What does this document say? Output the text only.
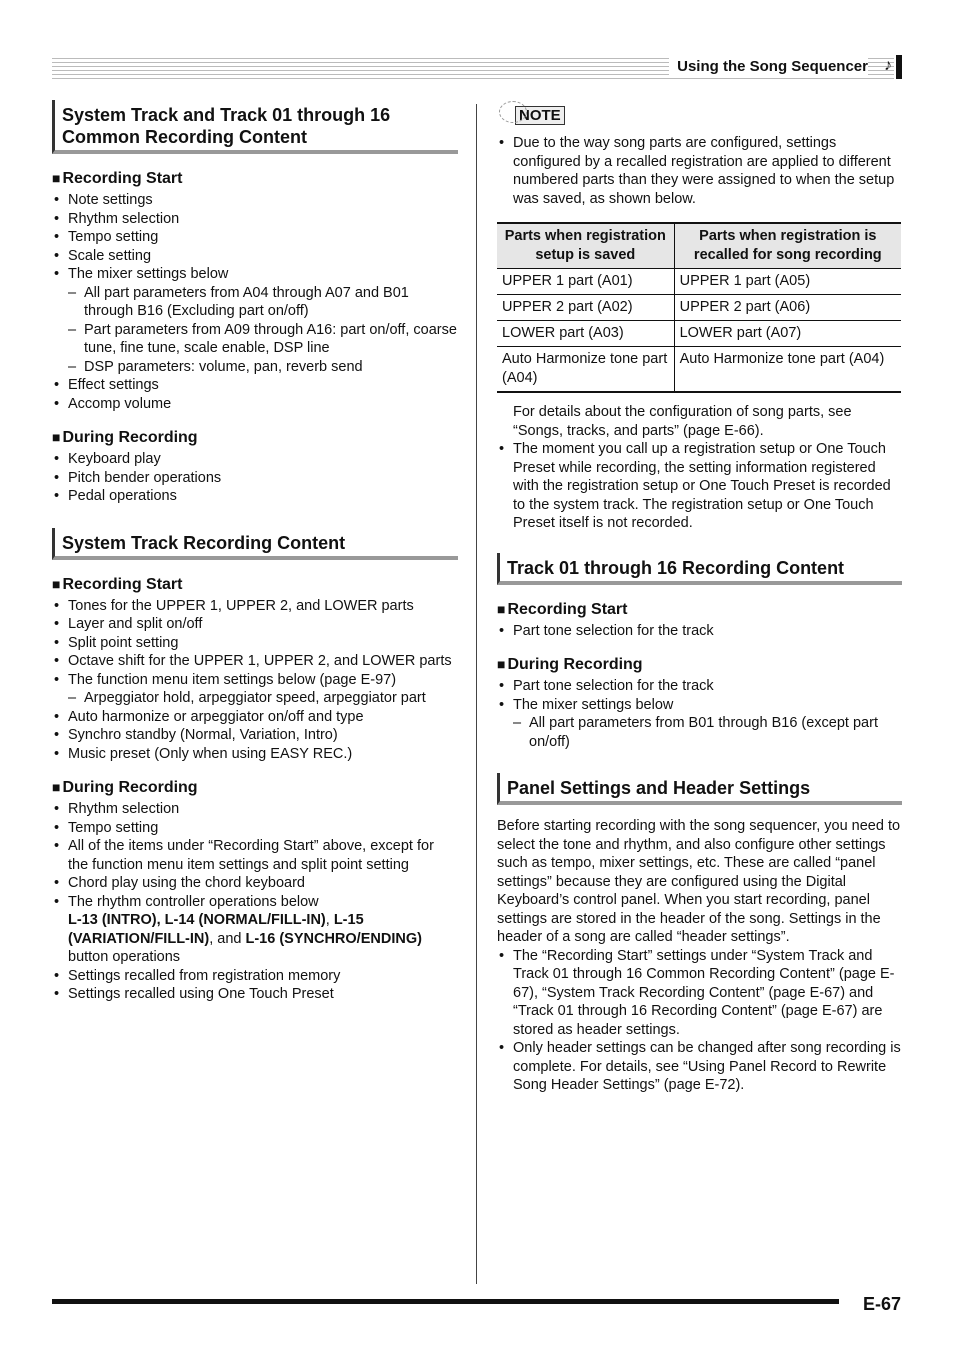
Using the Song Sequencer ♪
System Track and Track 01 through 16 Common Recording Content
■ Recording Start
• Note settings
• Rhythm selection
• Tempo setting
• Scale setting
• The mixer settings below
– All part parameters from A04 through A07 and B01 through B16 (Excluding part on/off)
– Part parameters from A09 through A16: part on/off, coarse tune, fine tune, scale enable, DSP line
– DSP parameters: volume, pan, reverb send
• Effect settings
• Accomp volume
■ During Recording
• Keyboard play
• Pitch bender operations
• Pedal operations
System Track Recording Content
■ Recording Start
• Tones for the UPPER 1, UPPER 2, and LOWER parts
• Layer and split on/off
• Split point setting
• Octave shift for the UPPER 1, UPPER 2, and LOWER parts
• The function menu item settings below (page E-97)
– Arpeggiator hold, arpeggiator speed, arpeggiator part
• Auto harmonize or arpeggiator on/off and type
• Synchro standby (Normal, Variation, Intro)
• Music preset (Only when using EASY REC.)
■ During Recording
• Rhythm selection
• Tempo setting
• All of the items under “Recording Start” above, except for the function menu item settings and split point setting
• Chord play using the chord keyboard
• The rhythm controller operations below
L-13 (INTRO), L-14 (NORMAL/FILL-IN), L-15 (VARIATION/FILL-IN), and L-16 (SYNCHRO/ENDING)
button operations
• Settings recalled from registration memory
• Settings recalled using One Touch Preset
NOTE
• Due to the way song parts are configured, settings configured by a recalled registration are applied to different numbered parts than they were assigned to when the setup was saved, as shown below.
Parts when registration setup is saved	Parts when registration is recalled for song recording
UPPER 1 part (A01)	UPPER 1 part (A05)
UPPER 2 part (A02)	UPPER 2 part (A06)
LOWER part (A03)	LOWER part (A07)
Auto Harmonize tone part (A04)	Auto Harmonize tone part (A04)

For details about the configuration of song parts, see “Songs, tracks, and parts” (page E-66).

• The moment you call up a registration setup or One Touch Preset while recording, the setting information registered with the registration setup or One Touch Preset is recorded to the system track. The registration setup or One Touch Preset itself is not recorded.
Track 01 through 16 Recording Content
■ Recording Start
• Part tone selection for the track
■ During Recording
• Part tone selection for the track
• The mixer settings below
– All part parameters from B01 through B16 (except part on/off)
Panel Settings and Header Settings

Before starting recording with the song sequencer, you need to select the tone and rhythm, and also configure other settings such as tempo, mixer settings, etc. These are called “panel settings” because they are configured using the Digital Keyboard’s control panel. When you start recording, panel settings are stored in the header of the song. Settings in the header of a song are called “header settings”.

• The “Recording Start” settings under “System Track and Track 01 through 16 Common Recording Content” (page E-67), “System Track Recording Content” (page E-67) and “Track 01 through 16 Recording Content” (page E-67) are stored as header settings.
• Only header settings can be changed after song recording is complete. For details, see “Using Panel Record to Rewrite Song Header Settings” (page E-72).
E-67
